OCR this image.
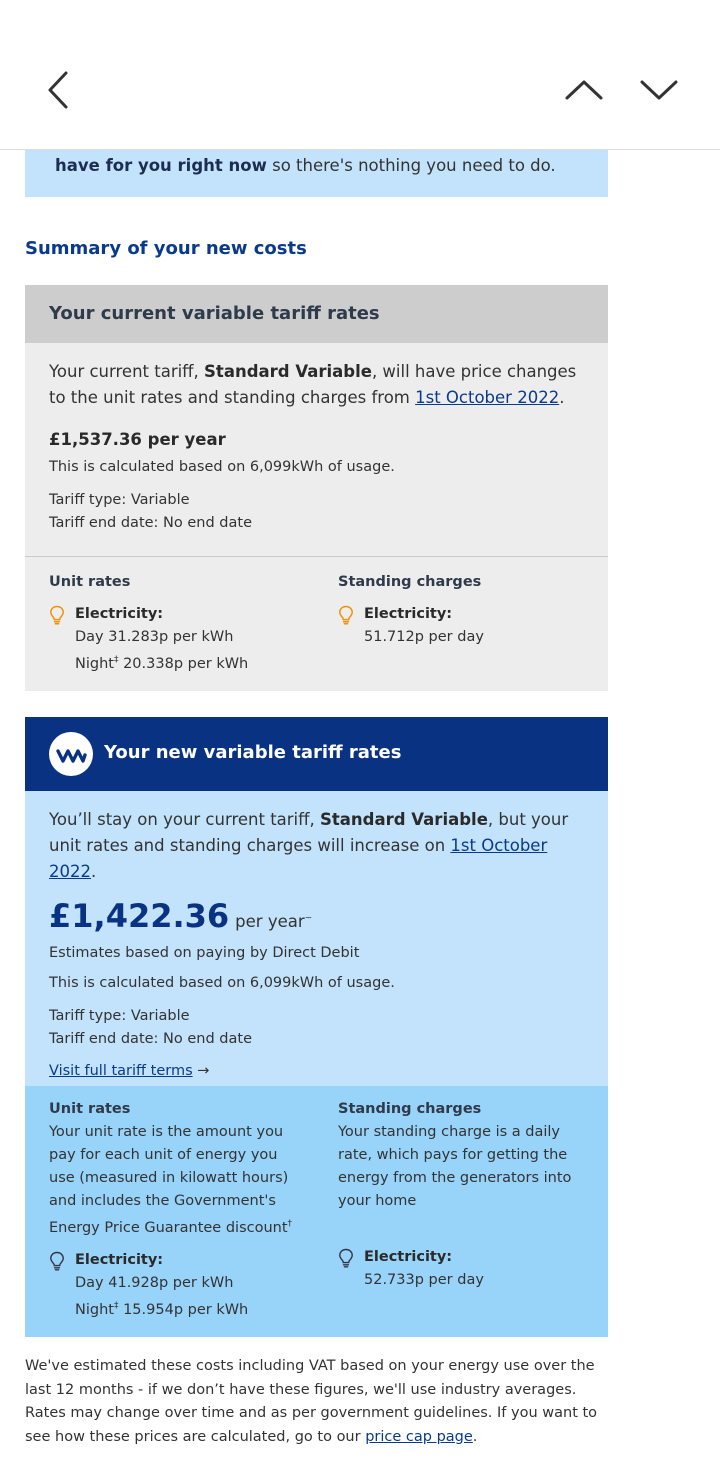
have for you right now so there's nothing you need to do.
Summary of your new costs
Your current variable tariff rates
Your current tariff, Standard Variable, will have price changes to the unit rates and standing charges from 1st October 2022.
£1,537.36 per year
This is calculated based on 6,099kWh of usage.
Tariff type: Variable
Tariff end date: No end date
Unit rates	Standing charges
Electricity:
Day 31.283p per kWh
Night‡ 20.338p per kWh
Electricity:
51.712p per day
Your new variable tariff rates
You’ll stay on your current tariff, Standard Variable, but your unit rates and standing charges will increase on 1st October 2022.
£1,422.36 per year~
Estimates based on paying by Direct Debit
This is calculated based on 6,099kWh of usage.
Tariff type: Variable
Tariff end date: No end date
Visit full tariff terms →
Unit rates
Your unit rate is the amount you pay for each unit of energy you use (measured in kilowatt hours) and includes the Government's Energy Price Guarantee discount†
Standing charges
Your standing charge is a daily rate, which pays for getting the energy from the generators into your home
Electricity:
Day 41.928p per kWh
Night‡ 15.954p per kWh
Electricity:
52.733p per day
We've estimated these costs including VAT based on your energy use over the last 12 months - if we don’t have these figures, we'll use industry averages. Rates may change over time and as per government guidelines. If you want to see how these prices are calculated, go to our price cap page.
